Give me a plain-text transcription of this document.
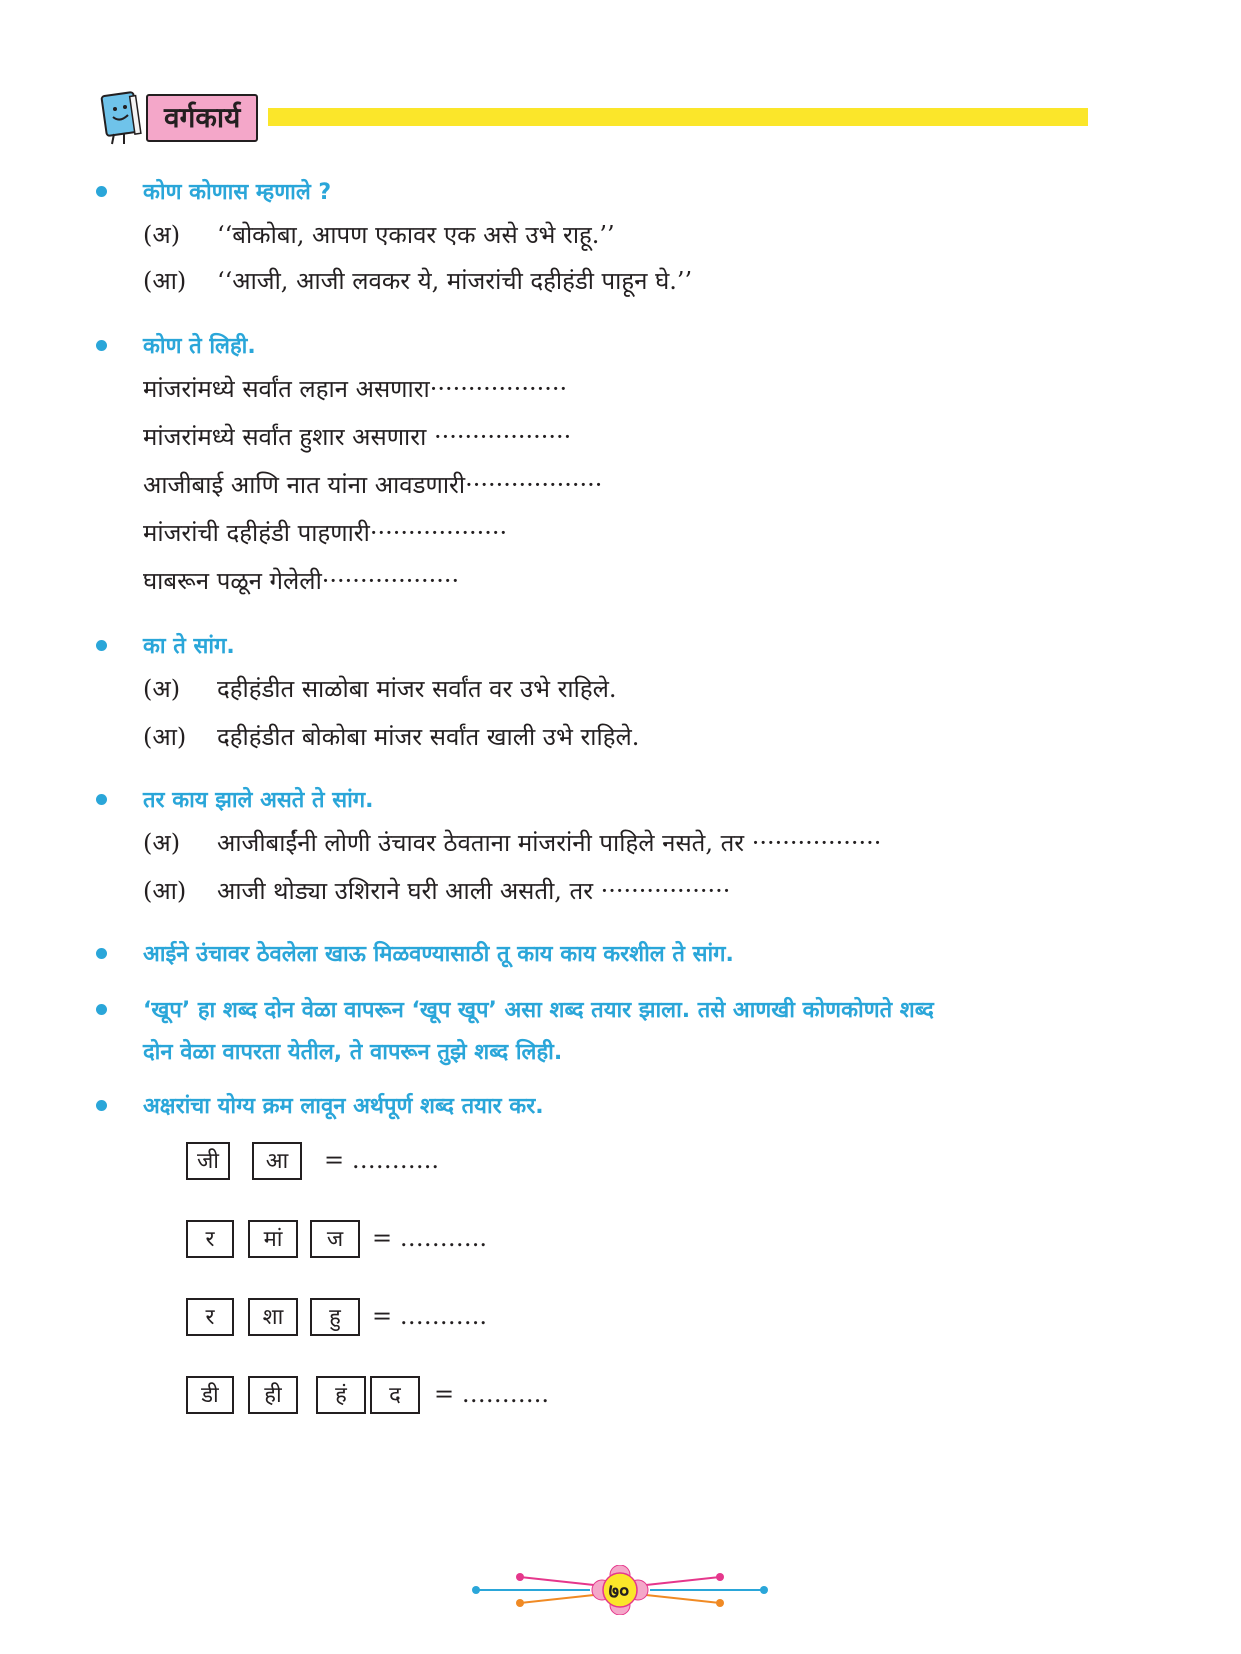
वर्गकार्य
कोण कोणास म्हणाले ?
(अ) ‘‘बोकोबा, आपण एकावर एक असे उभे राहू.’’
(आ) ‘‘आजी, आजी लवकर ये, मांजरांची दहीहंडी पाहून घे.’’
कोण ते लिही.
मांजरांमध्ये सर्वांत लहान असणारा··················
मांजरांमध्ये सर्वांत हुशार असणारा ··················
आजीबाई आणि नात यांना आवडणारी··················
मांजरांची दहीहंडी पाहणारी··················
घाबरून पळून गेलेली··················
का ते सांग.
(अ) दहीहंडीत साळोबा मांजर सर्वांत वर उभे राहिले.
(आ) दहीहंडीत बोकोबा मांजर सर्वांत खाली उभे राहिले.
तर काय झाले असते ते सांग.
(अ) आजीबाईंनी लोणी उंचावर ठेवताना मांजरांनी पाहिले नसते, तर ·················
(आ) आजी थोड्या उशिराने घरी आली असती, तर ·················
आईने उंचावर ठेवलेला खाऊ मिळवण्यासाठी तू काय काय करशील ते सांग.
‘खूप’ हा शब्द दोन वेळा वापरून ‘खूप खूप’ असा शब्द तयार झाला. तसे आणखी कोणकोणते शब्द
दोन वेळा वापरता येतील, ते वापरून तुझे शब्द लिही.
अक्षरांचा योग्य क्रम लावून अर्थपूर्ण शब्द तयार कर.
जी	आ	= ………..
र	मां	ज	= ………..
र	शा	हु	= ………..
डी	ही	हं	द	= ………..
७०
